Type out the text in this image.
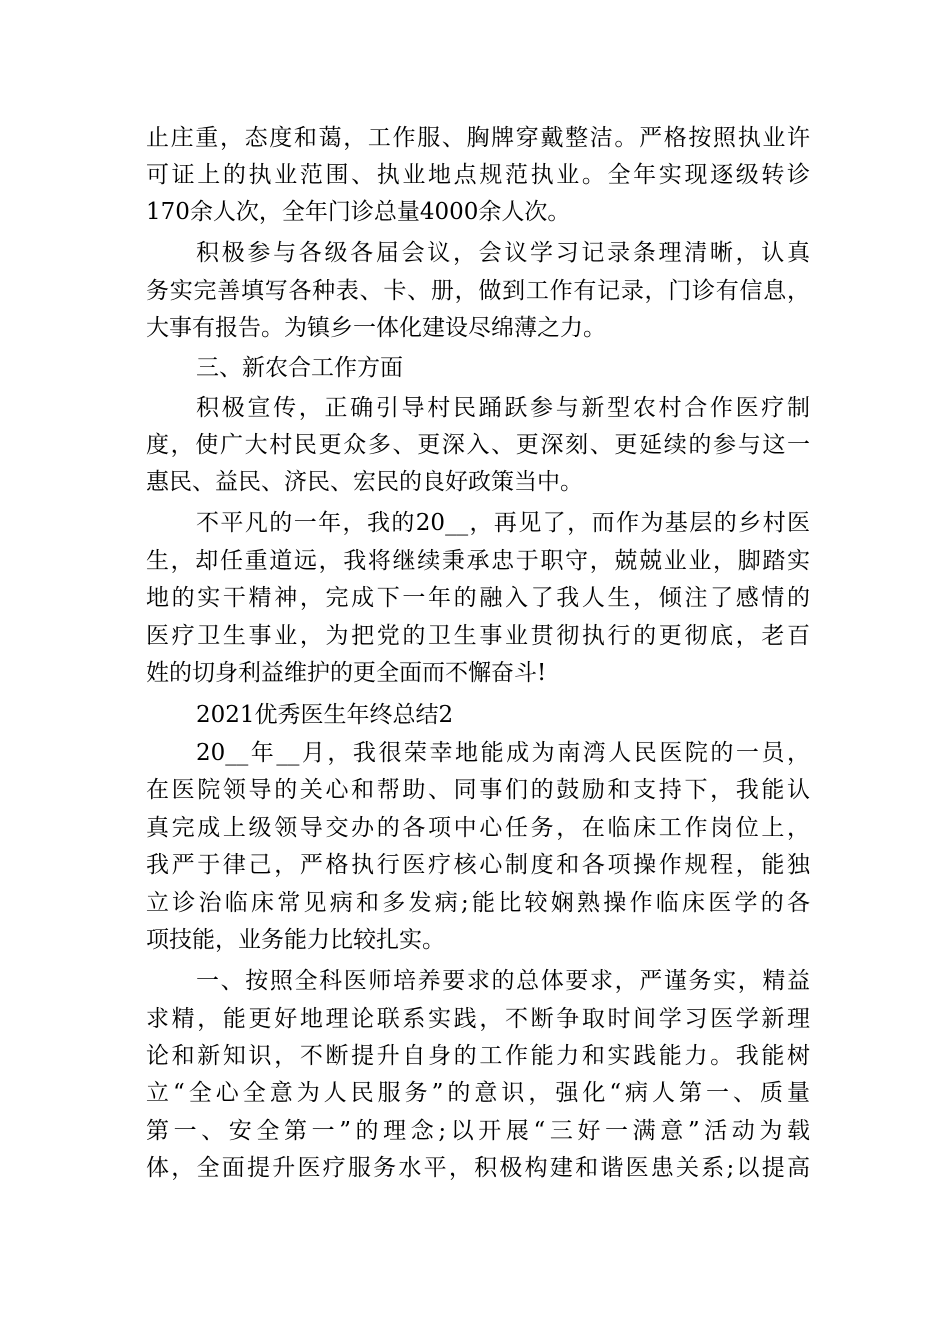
止庄重，态度和蔼，工作服、胸牌穿戴整洁。严格按照执业许
可证上的执业范围、执业地点规范执业。全年实现逐级转诊
170余人次，全年门诊总量4000余人次。
积极参与各级各届会议，会议学习记录条理清晰，认真
务实完善填写各种表、卡、册，做到工作有记录，门诊有信息，
大事有报告。为镇乡一体化建设尽绵薄之力。
三、新农合工作方面
积极宣传，正确引导村民踊跃参与新型农村合作医疗制
度，使广大村民更众多、更深入、更深刻、更延续的参与这一
惠民、益民、济民、宏民的良好政策当中。
不平凡的一年，我的20__，再见了，而作为基层的乡村医
生，却任重道远，我将继续秉承忠于职守，兢兢业业，脚踏实
地的实干精神，完成下一年的融入了我人生，倾注了感情的
医疗卫生事业，为把党的卫生事业贯彻执行的更彻底，老百
姓的切身利益维护的更全面而不懈奋斗!
2021优秀医生年终总结2
20__年__月，我很荣幸地能成为南湾人民医院的一员，
在医院领导的关心和帮助、同事们的鼓励和支持下，我能认
真完成上级领导交办的各项中心任务，在临床工作岗位上，
我严于律己，严格执行医疗核心制度和各项操作规程，能独
立诊治临床常见病和多发病;能比较娴熟操作临床医学的各
项技能，业务能力比较扎实。
一、按照全科医师培养要求的总体要求，严谨务实，精益
求精，能更好地理论联系实践，不断争取时间学习医学新理
论和新知识，不断提升自身的工作能力和实践能力。我能树
立“全心全意为人民服务”的意识，强化“病人第一、质量
第一、安全第一”的理念;以开展“三好一满意”活动为载
体，全面提升医疗服务水平，积极构建和谐医患关系;以提高
